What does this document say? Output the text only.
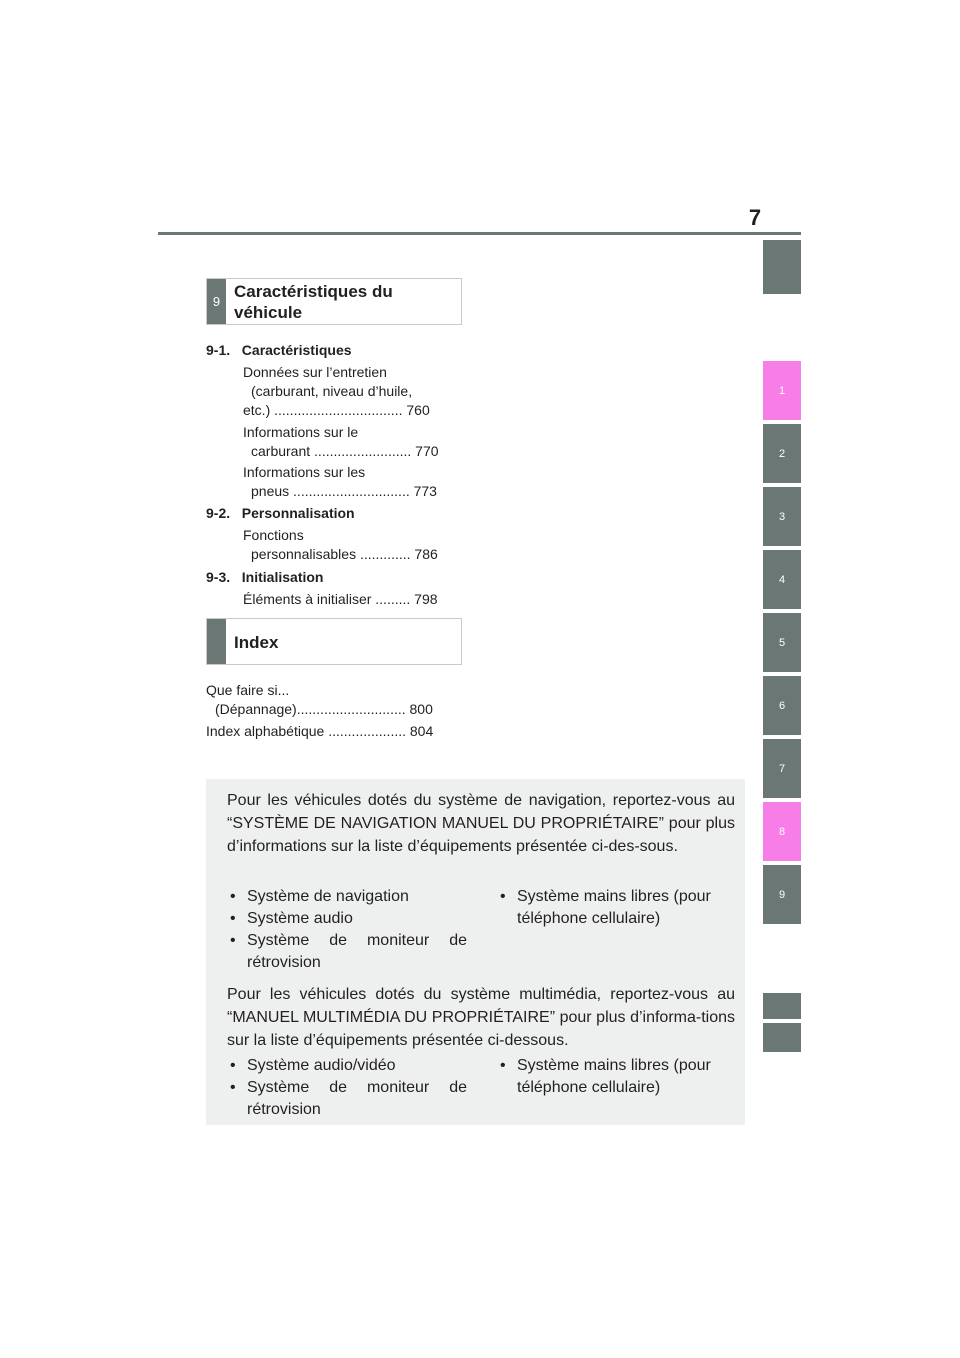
7
1
2
3
4
5
6
7
8
9
9
Caractéristiques du
véhicule

9-1.   Caractéristiques

Données sur l’entretien

(carburant, niveau d’huile,

etc.) ................................. 760

Informations sur le

carburant ......................... 770

Informations sur les

pneus .............................. 773

9-2.   Personnalisation

Fonctions

personnalisables ............. 786

9-3.   Initialisation

Éléments à initialiser ......... 798

Index

Que faire si...

(Dépannage)............................ 800

Index alphabétique .................... 804

Pour les véhicules dotés du système de navigation, reportez-vous au “SYSTÈME DE NAVIGATION MANUEL DU PROPRIÉTAIRE” pour plus d’informations sur la liste d’équipements présentée ci-des-sous.

• Système de navigation
• Système audio
• Système de moniteur de rétrovision
• Système mains libres (pour téléphone cellulaire)

Pour les véhicules dotés du système multimédia, reportez-vous au “MANUEL MULTIMÉDIA DU PROPRIÉTAIRE” pour plus d’informa-tions sur la liste d’équipements présentée ci-dessous.

• Système audio/vidéo
• Système de moniteur de rétrovision
• Système mains libres (pour téléphone cellulaire)
